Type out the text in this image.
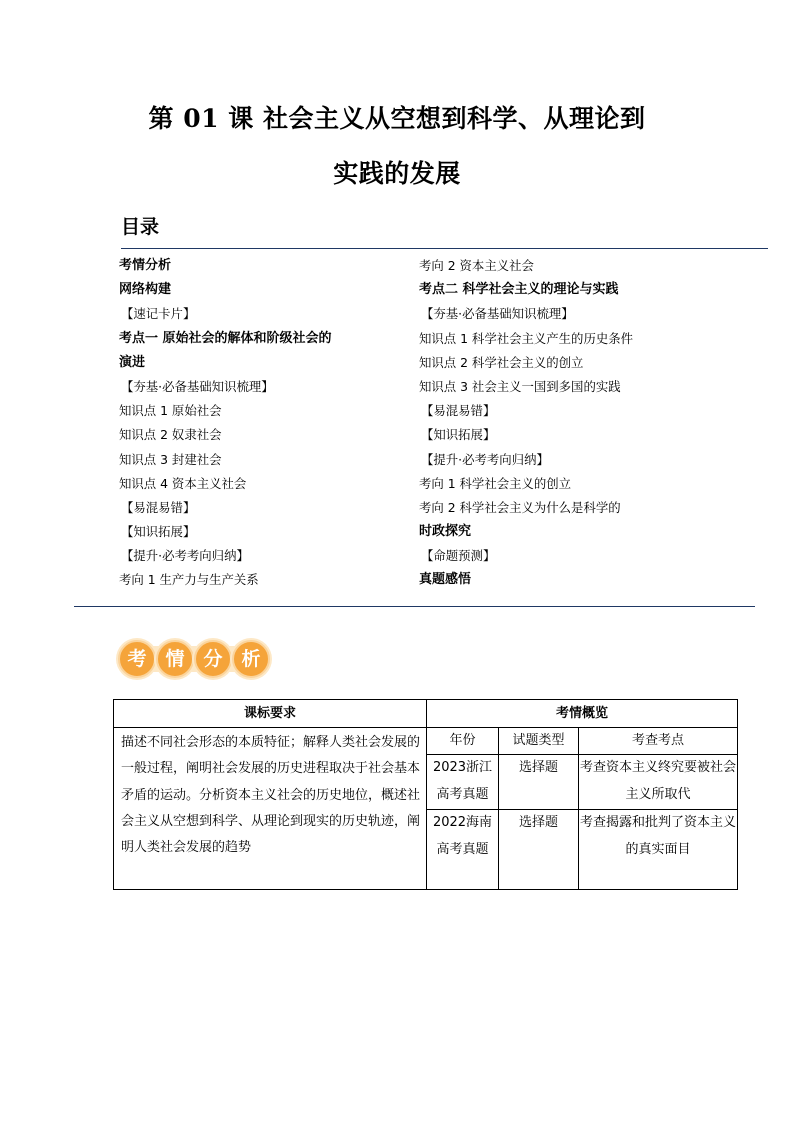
第 01 课 社会主义从空想到科学、从理论到
实践的发展
目录
考情分析
网络构建
【速记卡片】
考点一 原始社会的解体和阶级社会的
演进
【夯基·必备基础知识梳理】
知识点 1 原始社会
知识点 2 奴隶社会
知识点 3 封建社会
知识点 4 资本主义社会
【易混易错】
【知识拓展】
【提升·必考考向归纳】
考向 1 生产力与生产关系
考向 2 资本主义社会
考点二 科学社会主义的理论与实践
【夯基·必备基础知识梳理】
知识点 1 科学社会主义产生的历史条件
知识点 2 科学社会主义的创立
知识点 3 社会主义一国到多国的实践
【易混易错】
【知识拓展】
【提升·必考考向归纳】
考向 1 科学社会主义的创立
考向 2 科学社会主义为什么是科学的
时政探究
【命题预测】
真题感悟
考 情 分 析
课标要求	考情概览		

描述不同社会形态的本质特征；解释人类社会发展的一般过程，阐明社会发展的历史进程取决于社会基本矛盾的运动。分析资本主义社会的历史地位，概述社会主义从空想到科学、从理论到现实的历史轨迹，阐明人类社会发展的趋势	年份	试题类型	考查考点
	2023浙江高考真题	选择题	考查资本主义终究要被社会主义所取代
	2022海南高考真题	选择题	考查揭露和批判了资本主义的真实面目
